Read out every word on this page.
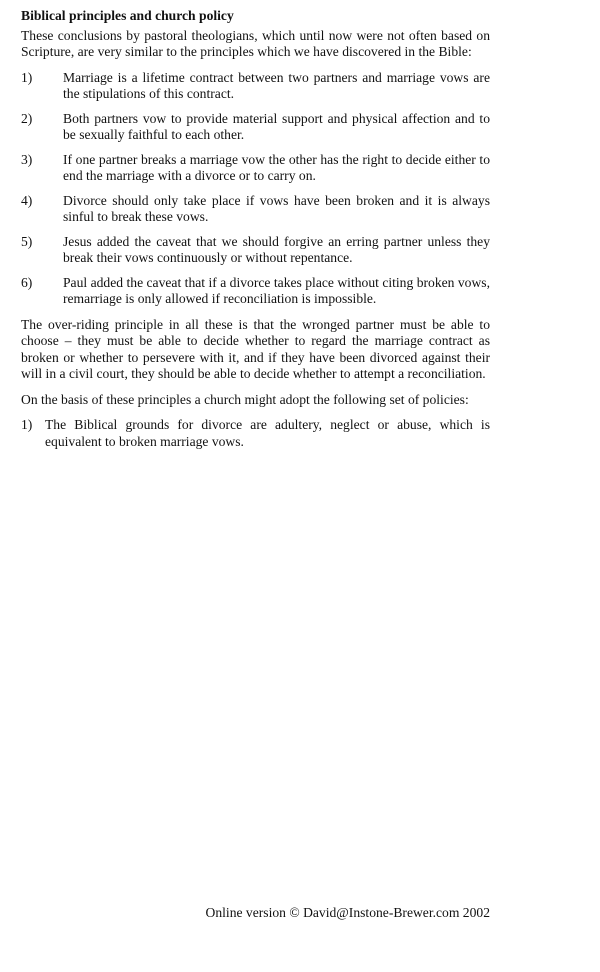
Biblical principles and church policy

These conclusions by pastoral theologians, which until now were not often based on Scripture, are very similar to the principles which we have discovered in the Bible:

1)	Marriage is a lifetime contract between two partners and marriage vows are the stipulations of this contract.
2)	Both partners vow to provide material support and physical affection and to be sexually faithful to each other.
3)	If one partner breaks a marriage vow the other has the right to decide either to end the marriage with a divorce or to carry on.
4)	Divorce should only take place if vows have been broken and it is always sinful to break these vows.
5)	Jesus added the caveat that we should forgive an erring partner unless they break their vows continuously or without repentance.
6)	Paul added the caveat that if a divorce takes place without citing broken vows, remarriage is only allowed if reconciliation is impossible.

The over-riding principle in all these is that the wronged partner must be able to choose – they must be able to decide whether to regard the marriage contract as broken or whether to persevere with it, and if they have been divorced against their will in a civil court, they should be able to decide whether to attempt a reconciliation.

On the basis of these principles a church might adopt the following set of policies:

1) The Biblical grounds for divorce are adultery, neglect or abuse, which is equivalent to broken marriage vows.
Online version © David@Instone-Brewer.com 2002
